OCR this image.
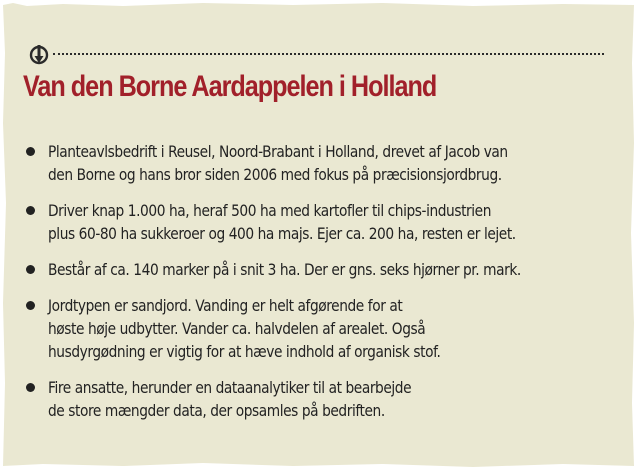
Van den Borne Aardappelen i Holland
Planteavlsbedrift i Reusel, Noord-Brabant i Holland, drevet af Jacob van
den Borne og hans bror siden 2006 med fokus på præcisionsjordbrug.
Driver knap 1.000 ha, heraf 500 ha med kartofler til chips-industrien
plus 60-80 ha sukkeroer og 400 ha majs. Ejer ca. 200 ha, resten er lejet.
Består af ca. 140 marker på i snit 3 ha. Der er gns. seks hjørner pr. mark.
Jordtypen er sandjord. Vanding er helt afgørende for at
høste høje udbytter. Vander ca. halvdelen af arealet. Også
husdyrgødning er vigtig for at hæve indhold af organisk stof.
Fire ansatte, herunder en dataanalytiker til at bearbejde
de store mængder data, der opsamles på bedriften.
